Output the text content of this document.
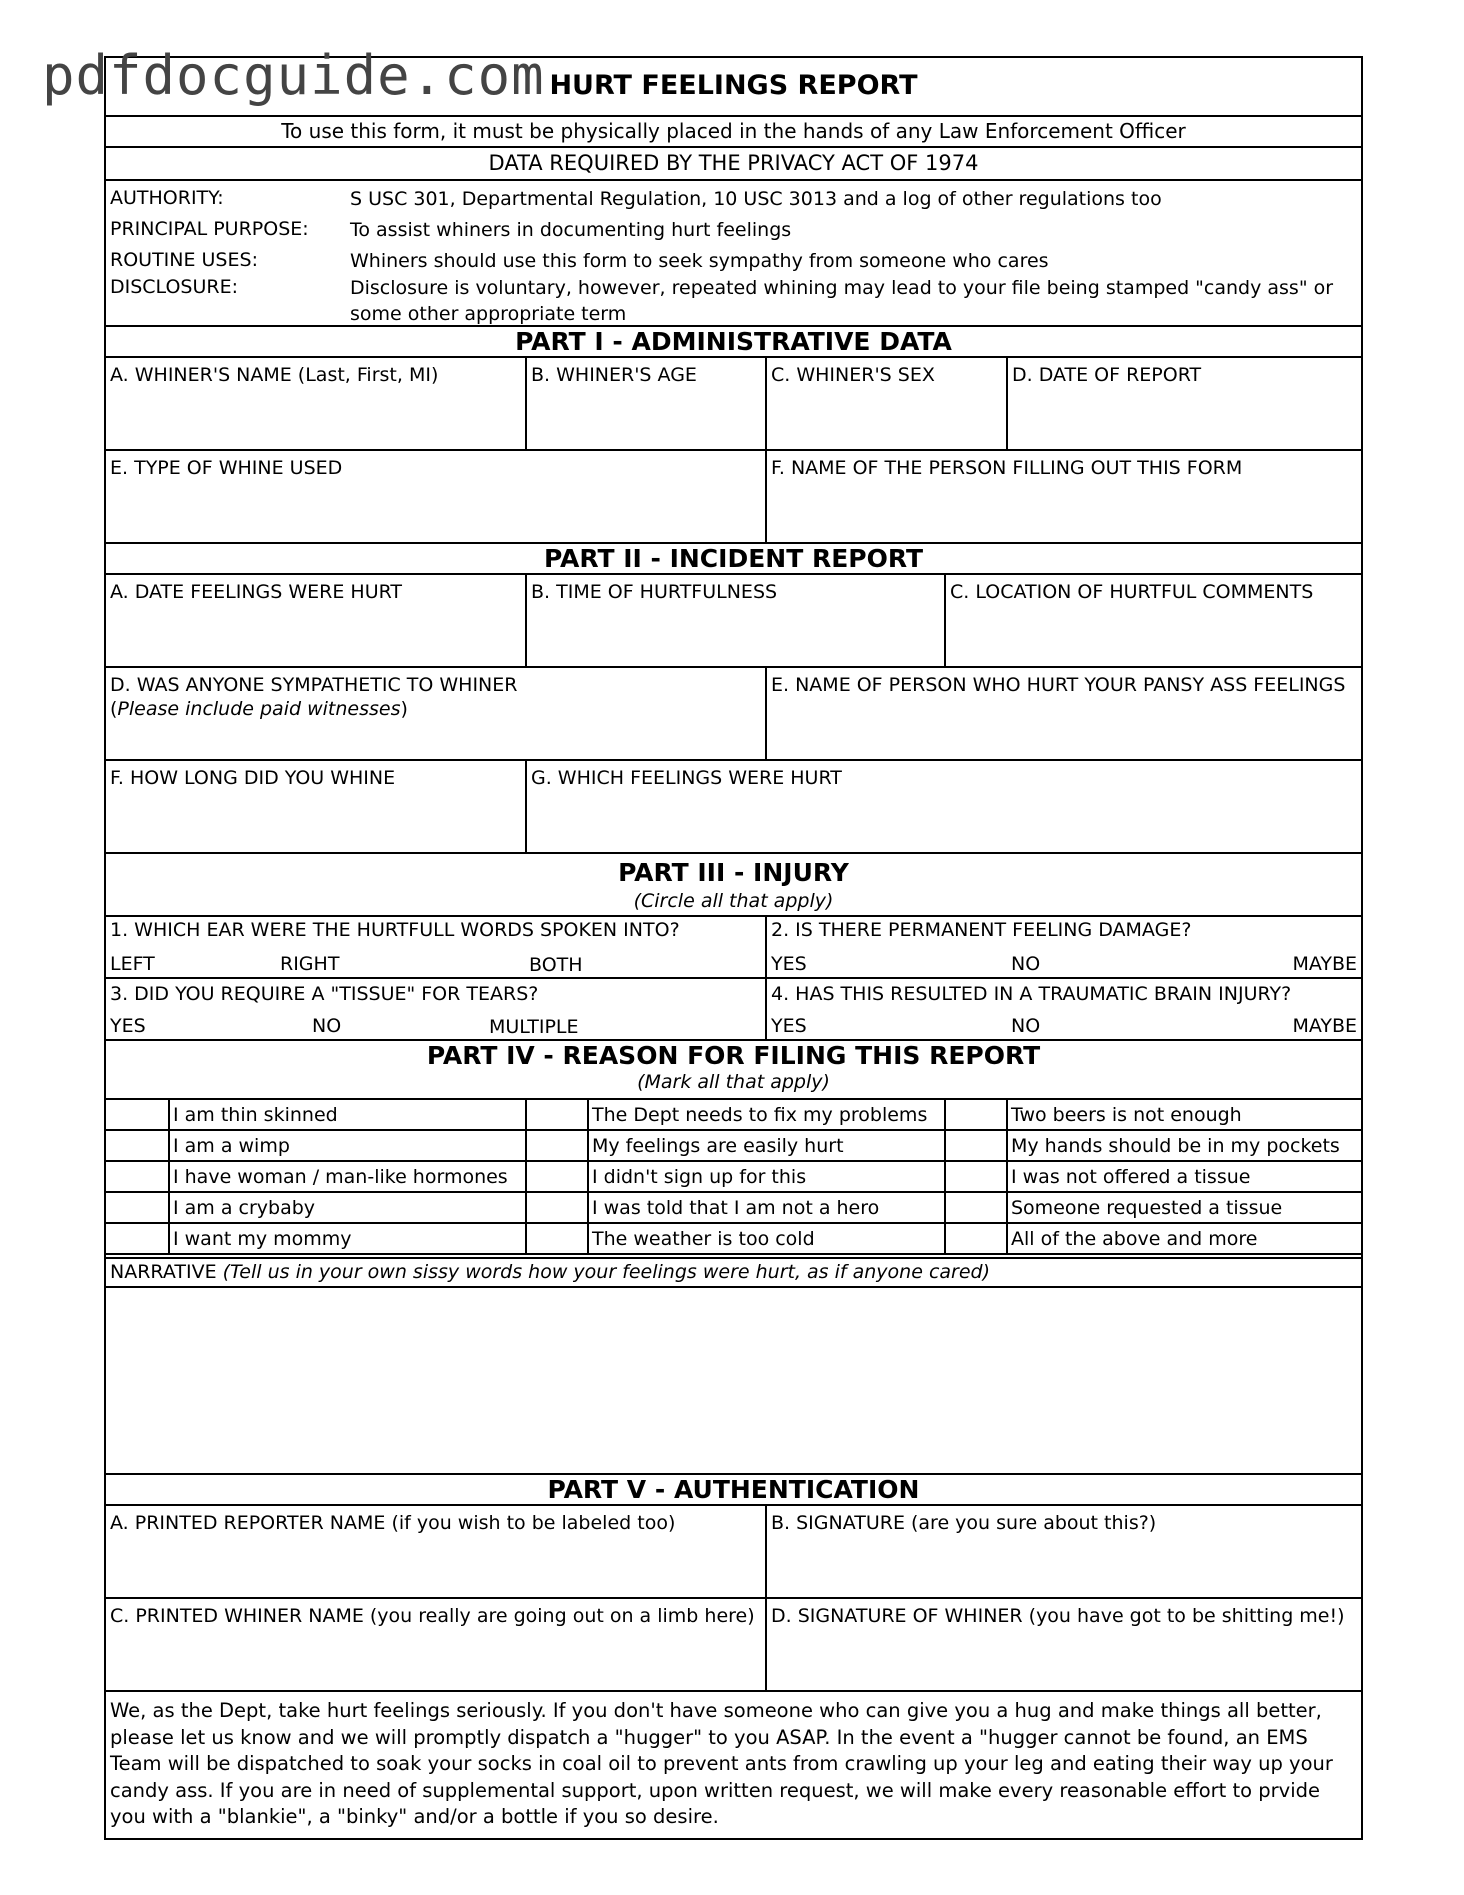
pdfdocguide.com HURT FEELINGS REPORT
To use this form, it must be physically placed in the hands of any Law Enforcement Officer
DATA REQUIRED BY THE PRIVACY ACT OF 1974
AUTHORITY:	S USC 301, Departmental Regulation, 10 USC 3013 and a log of other regulations too
PRINCIPAL PURPOSE: To assist whiners in documenting hurt feelings
ROUTINE USES:	Whiners should use this form to seek sympathy from someone who cares
DISCLOSURE:	Disclosure is voluntary, however, repeated whining may lead to your file being stamped "candy ass" or some other appropriate term
PART I - ADMINISTRATIVE DATA
A. WHINER'S NAME (Last, First, MI)	B. WHINER'S AGE	C. WHINER'S SEX	D. DATE OF REPORT
E. TYPE OF WHINE USED	F. NAME OF THE PERSON FILLING OUT THIS FORM
PART II - INCIDENT REPORT
A. DATE FEELINGS WERE HURT	B. TIME OF HURTFULNESS	C. LOCATION OF HURTFUL COMMENTS
D. WAS ANYONE SYMPATHETIC TO WHINER
(Please include paid witnesses)
E. NAME OF PERSON WHO HURT YOUR PANSY ASS FEELINGS
F. HOW LONG DID YOU WHINE	G. WHICH FEELINGS WERE HURT
PART III - INJURY
(Circle all that apply)
1. WHICH EAR WERE THE HURTFULL WORDS SPOKEN INTO?
LEFT	RIGHT	BOTH
2. IS THERE PERMANENT FEELING DAMAGE?
YES	NO	MAYBE
3. DID YOU REQUIRE A "TISSUE" FOR TEARS?
YES	NO	MULTIPLE
4. HAS THIS RESULTED IN A TRAUMATIC BRAIN INJURY?
YES	NO	MAYBE
PART IV - REASON FOR FILING THIS REPORT
(Mark all that apply)
I am thin skinned	The Dept needs to fix my problems	Two beers is not enough
I am a wimp	My feelings are easily hurt	My hands should be in my pockets
I have woman / man-like hormones	I didn't sign up for this	I was not offered a tissue
I am a crybaby	I was told that I am not a hero	Someone requested a tissue
I want my mommy	The weather is too cold	All of the above and more
NARRATIVE (Tell us in your own sissy words how your feelings were hurt, as if anyone cared)
PART V - AUTHENTICATION
A. PRINTED REPORTER NAME (if you wish to be labeled too)	B. SIGNATURE (are you sure about this?)
C. PRINTED WHINER NAME (you really are going out on a limb here) D. SIGNATURE OF WHINER (you have got to be shitting me!)
We, as the Dept, take hurt feelings seriously. If you don't have someone who can give you a hug and make things all better, please let us know and we will promptly dispatch a "hugger" to you ASAP. In the event a "hugger cannot be found, an EMS Team will be dispatched to soak your socks in coal oil to prevent ants from crawling up your leg and eating their way up your candy ass. If you are in need of supplemental support, upon written request, we will make every reasonable effort to prvide you with a "blankie", a "binky" and/or a bottle if you so desire.
